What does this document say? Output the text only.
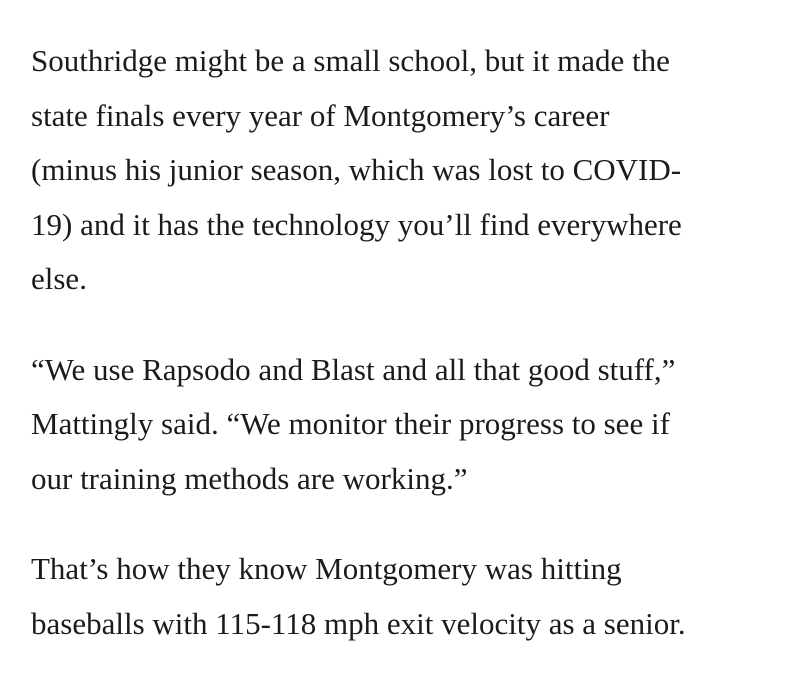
Southridge might be a small school, but it made the
state finals every year of Montgomery’s career
(minus his junior season, which was lost to COVID-
19) and it has the technology you’ll find everywhere
else.

“We use Rapsodo and Blast and all that good stuff,”
Mattingly said. “We monitor their progress to see if
our training methods are working.”

That’s how they know Montgomery was hitting
baseballs with 115-118 mph exit velocity as a senior.
